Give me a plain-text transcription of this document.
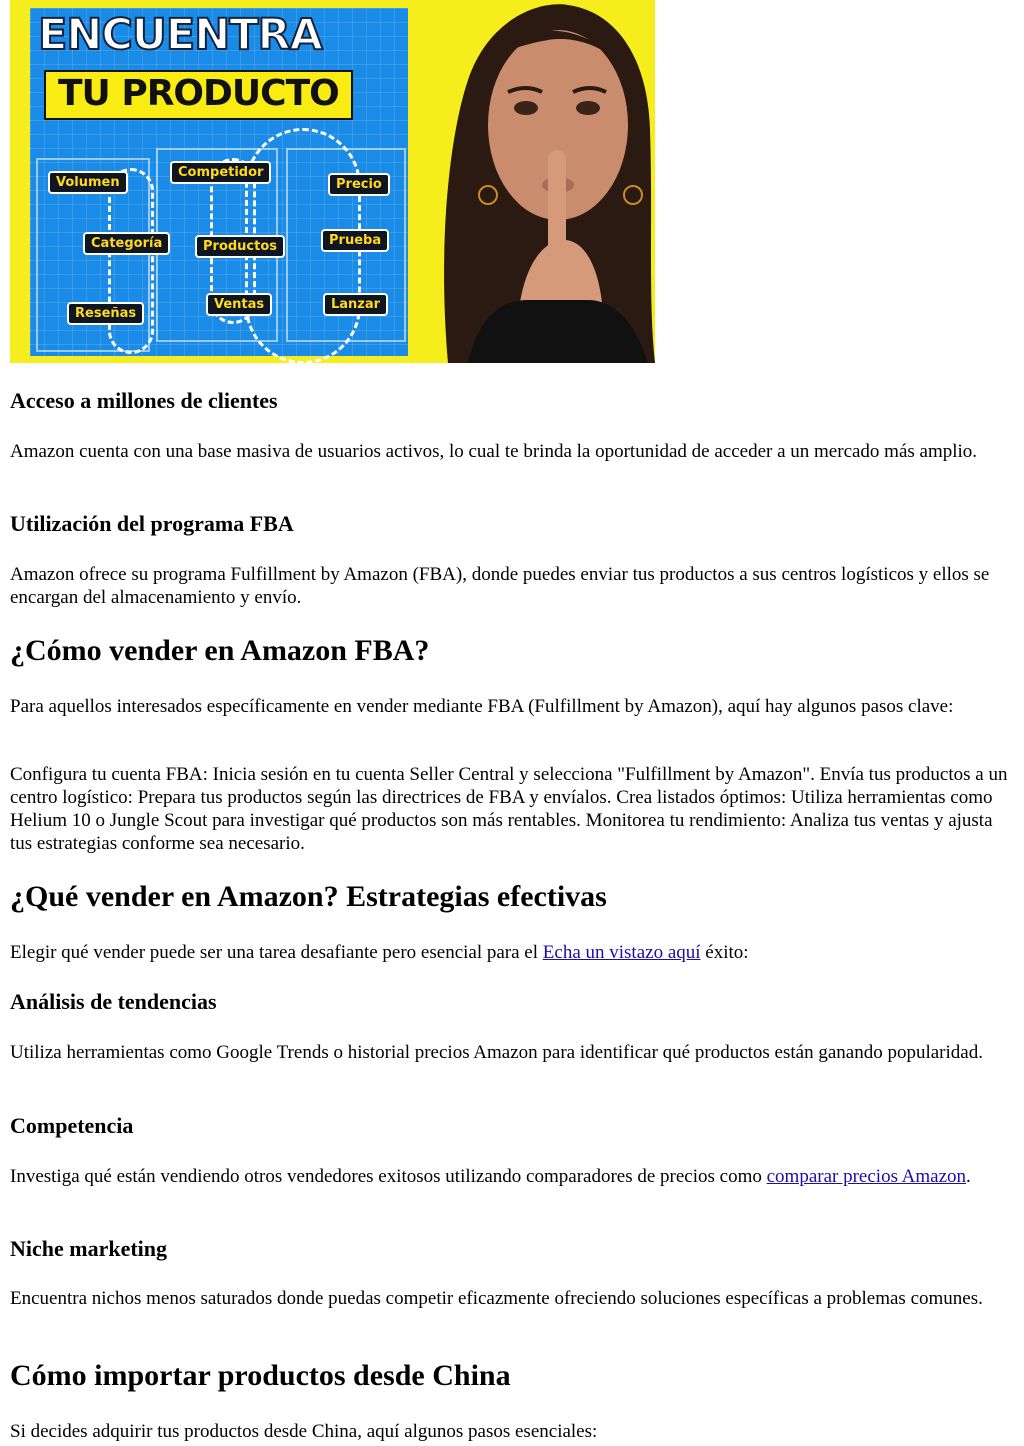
ENCUENTRA
TU PRODUCTO
Volumen
Competidor
Precio
Categoría	Productos	Prueba
Reseñas
Ventas	Lanzar
Acceso a millones de clientes

Amazon cuenta con una base masiva de usuarios activos, lo cual te brinda la oportunidad de acceder a un mercado más amplio.

Utilización del programa FBA

Amazon ofrece su programa Fulfillment by Amazon (FBA), donde puedes enviar tus productos a sus centros logísticos y ellos se encargan del almacenamiento y envío.

¿Cómo vender en Amazon FBA?

Para aquellos interesados específicamente en vender mediante FBA (Fulfillment by Amazon), aquí hay algunos pasos clave:

Configura tu cuenta FBA: Inicia sesión en tu cuenta Seller Central y selecciona "Fulfillment by Amazon". Envía tus productos a un centro logístico: Prepara tus productos según las directrices de FBA y envíalos. Crea listados óptimos: Utiliza herramientas como Helium 10 o Jungle Scout para investigar qué productos son más rentables. Monitorea tu rendimiento: Analiza tus ventas y ajusta tus estrategias conforme sea necesario.

¿Qué vender en Amazon? Estrategias efectivas

Elegir qué vender puede ser una tarea desafiante pero esencial para el Echa un vistazo aquí éxito:

Análisis de tendencias

Utiliza herramientas como Google Trends o historial precios Amazon para identificar qué productos están ganando popularidad.

Competencia

Investiga qué están vendiendo otros vendedores exitosos utilizando comparadores de precios como comparar precios Amazon.

Niche marketing

Encuentra nichos menos saturados donde puedas competir eficazmente ofreciendo soluciones específicas a problemas comunes.

Cómo importar productos desde China

Si decides adquirir tus productos desde China, aquí algunos pasos esenciales:
